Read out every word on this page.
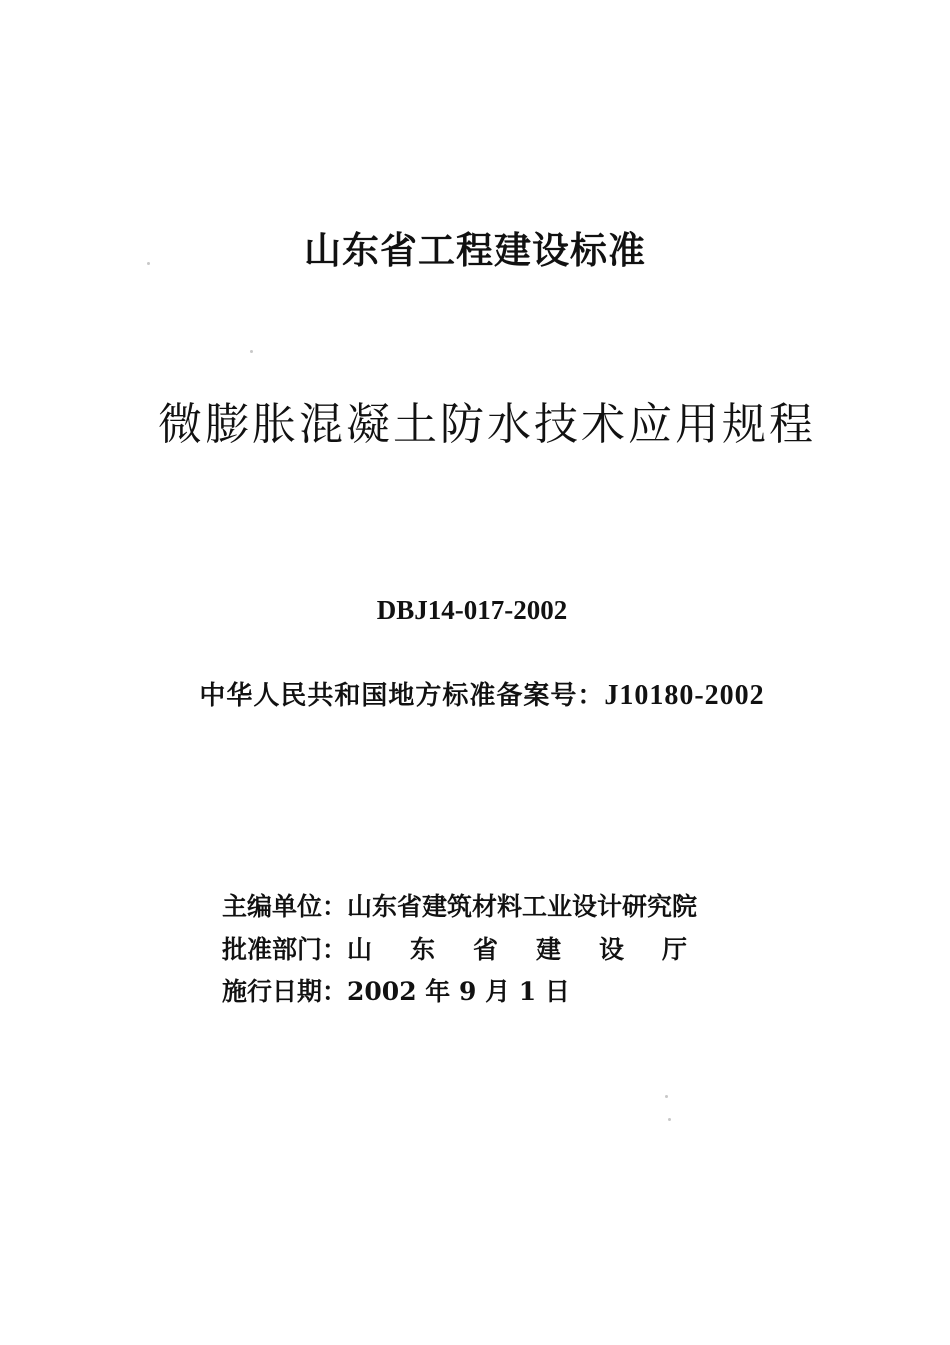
山东省工程建设标准
微膨胀混凝土防水技术应用规程
DBJ14-017-2002
中华人民共和国地方标准备案号：J10180-2002
主编单位：山东省建筑材料工业设计研究院
批准部门：山东省建设厅
施行日期：2002 年 9 月 1 日
